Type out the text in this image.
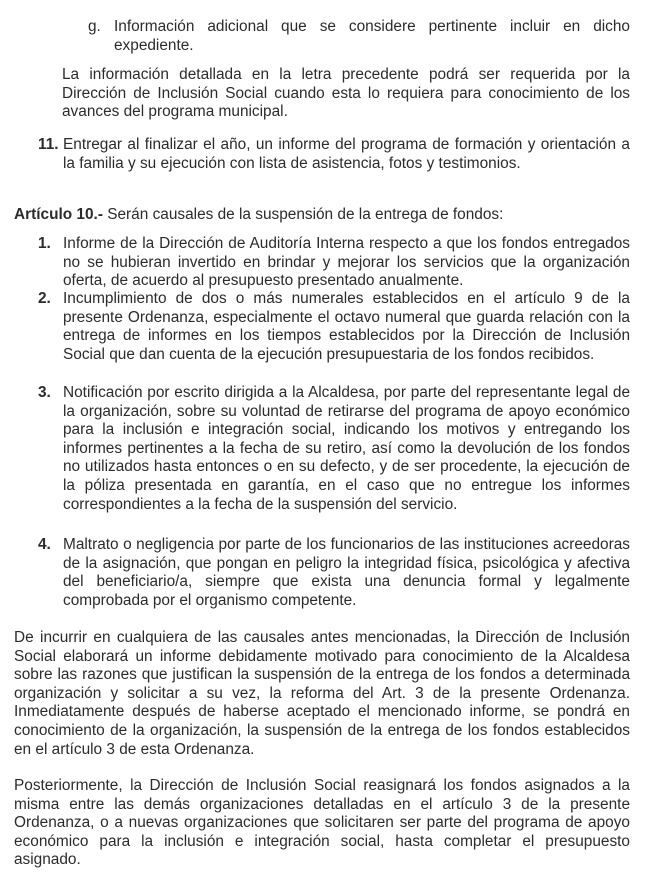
g. Información adicional que se considere pertinente incluir en dicho expediente.

La información detallada en la letra precedente podrá ser requerida por la Dirección de Inclusión Social cuando esta lo requiera para conocimiento de los avances del programa municipal.

11. Entregar al finalizar el año, un informe del programa de formación y orientación a la familia y su ejecución con lista de asistencia, fotos y testimonios.

Artículo 10.- Serán causales de la suspensión de la entrega de fondos:

1. Informe de la Dirección de Auditoría Interna respecto a que los fondos entregados no se hubieran invertido en brindar y mejorar los servicios que la organización oferta, de acuerdo al presupuesto presentado anualmente.
2. Incumplimiento de dos o más numerales establecidos en el artículo 9 de la presente Ordenanza, especialmente el octavo numeral que guarda relación con la entrega de informes en los tiempos establecidos por la Dirección de Inclusión Social que dan cuenta de la ejecución presupuestaria de los fondos recibidos.
3. Notificación por escrito dirigida a la Alcaldesa, por parte del representante legal de la organización, sobre su voluntad de retirarse del programa de apoyo económico para la inclusión e integración social, indicando los motivos y entregando los informes pertinentes a la fecha de su retiro, así como la devolución de los fondos no utilizados hasta entonces o en su defecto, y de ser procedente, la ejecución de la póliza presentada en garantía, en el caso que no entregue los informes correspondientes a la fecha de la suspensión del servicio.
4. Maltrato o negligencia por parte de los funcionarios de las instituciones acreedoras de la asignación, que pongan en peligro la integridad física, psicológica y afectiva del beneficiario/a, siempre que exista una denuncia formal y legalmente comprobada por el organismo competente.

De incurrir en cualquiera de las causales antes mencionadas, la Dirección de Inclusión Social elaborará un informe debidamente motivado para conocimiento de la Alcaldesa sobre las razones que justifican la suspensión de la entrega de los fondos a determinada organización y solicitar a su vez, la reforma del Art. 3 de la presente Ordenanza. Inmediatamente después de haberse aceptado el mencionado informe, se pondrá en conocimiento de la organización, la suspensión de la entrega de los fondos establecidos en el artículo 3 de esta Ordenanza.

Posteriormente, la Dirección de Inclusión Social reasignará los fondos asignados a la misma entre las demás organizaciones detalladas en el artículo 3 de la presente Ordenanza, o a nuevas organizaciones que solicitaren ser parte del programa de apoyo económico para la inclusión e integración social, hasta completar el presupuesto asignado.
